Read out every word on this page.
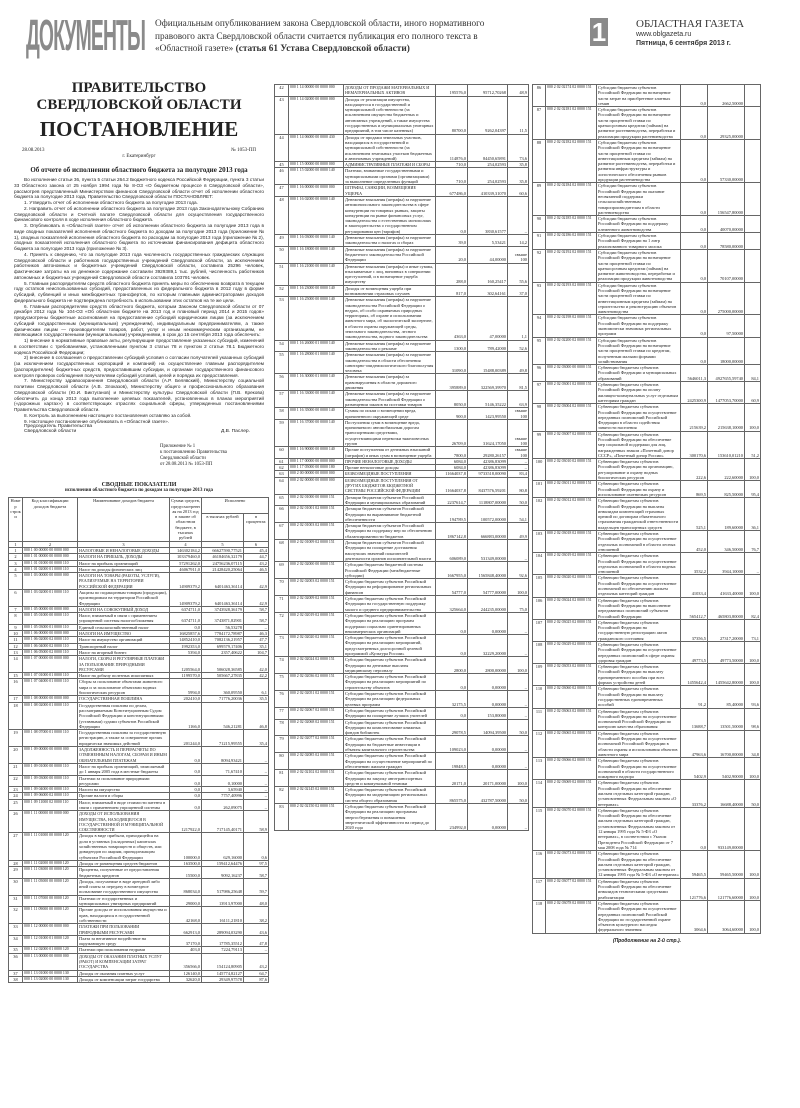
ДОКУМЕНТЫ Официальным опубликованием закона Свердловской области, иного нормативного правового акта Свердловской области считается публикация его полного текста в «Областной газете» (статья 61 Устава Свердловской области)
1	ОБЛАСТНАЯ ГАЗЕТА
www.oblgazeta.ru
Пятница, 6 сентября 2013 г.
ПРАВИТЕЛЬСТВО
СВЕРДЛОВСКОЙ ОБЛАСТИ
ПОСТАНОВЛЕНИЕ
28.08.2013	№ 1053-ПП
г. Екатеринбург
Об отчете об исполнении областного бюджета за полугодие 2013 года

Во исполнение статьи 36, пункта 5 статьи 264.2 Бюджетного кодекса Российской Федерации, пункта 3 статьи 33 Областного закона от 25 ноября 1994 года № 8-ОЗ «О бюджетном процессе в Свердловской области», рассмотрев представленный Министерством финансов Свердловской области отчет об исполнении областного бюджета за полугодие 2013 года, Правительство Свердловской области ПОСТАНОВЛЯЕТ:

1. Утвердить отчет об исполнении областного бюджета за полугодие 2013 года.

2. Направить отчет об исполнении областного бюджета за полугодие 2013 года Законодательному Собранию Свердловской области и Счетной палате Свердловской области для осуществления государственного финансового контроля в ходе исполнения областного бюджета.

3. Опубликовать в «Областной газете» отчет об исполнении областного бюджета за полугодие 2013 года в виде сводных показателей исполнения областного бюджета по доходам за полугодие 2013 года (приложение № 1), сводных показателей исполнения областного бюджета по расходам за полугодие 2013 года (приложение № 2), сводных показателей исполнения областного бюджета по источникам финансирования дефицита областного бюджета за полугодие 2013 года (приложение № 3).

4. Принять к сведению, что за полугодие 2013 года численность государственных гражданских служащих Свердловской области и работников государственных учреждений Свердловской области, за исключением работников автономных и бюджетных учреждений Свердловской области, составила 25296 человек, фактические затраты на их денежное содержание составили 3929389,1 тыс. рублей, численность работников автономных и бюджетных учреждений Свердловской области составила 103791 человек.

5. Главным распорядителям средств областного бюджета принять меры по обеспечению возврата в текущем году остатков неиспользованных субсидий, предоставленных из федерального бюджета в 2012 году в форме субсидий, субвенций и иных межбюджетных трансфертов, по которым главными администраторами доходов федерального бюджета не подтверждена потребность в использовании этих остатков на те же цели.

6. Главным распорядителям средств областного бюджета, которым Законом Свердловской области от 07 декабря 2012 года № 104-ОЗ «Об областном бюджете на 2013 год и плановый период 2014 и 2015 годов» предусмотрены бюджетные ассигнования на предоставление субсидий юридическим лицам (за исключением субсидий государственным (муниципальным) учреждениям), индивидуальным предпринимателям, а также физическим лицам — производителям товаров, работ, услуг и иным некоммерческим организациям, не являющимся государственными (муниципальными) учреждениями, в срок до 15 сентября 2013 года обеспечить:

1) внесение в нормативные правовые акты, регулирующие предоставление указанных субсидий, изменений в соответствии с требованиями, установленными пунктом 3 статьи 78 и пунктом 2 статьи 78.1 Бюджетного кодекса Российской Федерации;

2) внесение в соглашения о предоставлении субсидий условия о согласии получателей указанных субсидий (за исключением государственных корпораций и компаний) на осуществление главным распорядителем (распорядителем) бюджетных средств, предоставившим субсидии, и органами государственного финансового контроля проверок соблюдения получателями субсидий условий, целей и порядка их предоставления.

7. Министерству здравоохранения Свердловской области (А.Р. Белявский), Министерству социальной политики Свердловской области (А.В. Злоказов), Министерству общего и профессионального образования Свердловской области (Ю.И. Биктуганов) и Министерству культуры Свердловской области (П.В. Крекова) обеспечить до конца 2013 года выполнение целевых показателей, установленных в планах мероприятий («дорожных картах») в соответствующих отраслях социальной сферы, утвержденных постановлениями Правительства Свердловской области.

8. Контроль за выполнением настоящего постановления оставляю за собой.

9. Настоящее постановление опубликовать в «Областной газете».

Председатель Правительства
Свердловской области	Д.В. Паслер.
Приложение № 1
к постановлению Правительства
Свердловской области
от 28.08.2013 № 1053-ПП
СВОДНЫЕ ПОКАЗАТЕЛИ
исполнения областного бюджета по доходам за полугодие 2013 года
Номер строки	Код классификации доходов бюджета	Наименование доходов бюджета	Сумма средств, предусмотренная на 2013 год в законе об областном бюджете, в тысячах рублей	Исполнено	
				в тысячах рублей	в процентах
1	2	3	4	5	6
1	000 1 00 00000 00 0000 000	НАЛОГОВЫЕ И НЕНАЛОГОВЫЕ ДОХОДЫ	146302184,2	66627590,77521	45,4
2	000 1 01 00000 00 0000 000	НАЛОГИ НА ПРИБЫЛЬ, ДОХОДЫ	103379460,0	46184656,32179	44,7
3	000 1 01 01000 00 0000 110	Налог на прибыль организаций	57291262,0	24756236,07115	43,2
4	000 1 01 02000 01 0000 110	Налог на доходы физических лиц	46067911,0	21428420,25064	46,5
5	000 1 03 00000 00 0000 000	НАЛОГИ НА ТОВАРЫ (РАБОТЫ, УСЛУГИ), РЕАЛИЗУЕМЫЕ НА ТЕРРИТОРИИ РОССИЙСКОЙ ФЕДЕРАЦИИ	14909379,2	6401463,36114	42,9
6	000 1 03 02000 01 0000 110	Акцизы по подакцизным товарам (продукции), производимым на территории Российской Федерации	14909379,2	6401463,36114	42,9
7	000 1 05 00000 00 0000 000	НАЛОГИ НА СОВОКУПНЫЙ ДОХОД	6374711,0	3743928,36179	58,7
8	000 1 05 01000 00 0000 110	Налог, взимаемый в связи с применением упрощенной системы налогообложения	6374711,0	3743871,82901	58,7
9	000 1 05 03000 01 0000 110	Единый сельскохозяйственный налог	0,0	56,53278	–
10	000 1 06 00000 00 0000 000	НАЛОГИ НА ИМУЩЕСТВО	16825857,6	7784172,78987	46,3
11	000 1 06 02000 02 0000 110	Налог на имущество организаций	14852410,0	7082136,21957	47,7
12	000 1 06 04000 02 0000 110	Транспортный налог	1992353,0	699579,17406	35,1
13	000 1 06 05000 02 0000 110	Налог на игорный бизнес	5394,0	2357,40622	104,7
14	000 1 07 00000 00 0000 000	НАЛОГИ, СБОРЫ И РЕГУЛЯРНЫЕ ПЛАТЕЖИ ЗА ПОЛЬЗОВАНИЕ ПРИРОДНЫМИ РЕСУРСАМИ	1205564,0	506028,36585	42,0
15	000 1 07 01000 01 0000 110	Налог на добычу полезных ископаемых	1199570,0	505667,27835	42,2
16	000 1 07 04000 01 0000 110	Сборы за пользование объектами животного мира и за пользование объектами водных биологических ресурсов	5994,0	360,09550	6,1
17	000 1 08 00000 00 0000 000	ГОСУДАРСТВЕННАЯ ПОШЛИНА	202410,0	71776,20036	35,5
18	000 1 08 02000 01 0000 110	Государственная пошлина по делам, рассматриваемым Конституционным Судом Российской Федерации и конституционными (уставными) судами субъектов Российской Федерации	1166,0	546,21281	46,8
19	000 1 08 07000 01 0000 110	Государственная пошлина за государственную регистрацию, а также за совершение прочих юридически значимых действий	201244,0	71215,99555	35,4
20	000 1 09 00000 00 0000 000	ЗАДОЛЖЕННОСТЬ И ПЕРЕРАСЧЕТЫ ПО ОТМЕНЕННЫМ НАЛОГАМ, СБОРАМ И ИНЫМ ОБЯЗАТЕЛЬНЫМ ПЛАТЕЖАМ	0,0	8094,93421	–
21	000 1 09 01000 00 0000 110	Налог на прибыль организаций, зачисляемый до 1 января 2005 года в местные бюджеты	0,0	71,67410	–
22	000 1 09 03000 00 0000 110	Платежи за пользование природными ресурсами	0,0	0,10000	–
23	000 1 09 04000 00 0000 110	Налоги на имущество	0,0	3,65940	–
24	000 1 09 06000 02 0000 110	Прочие налоги и сборы	0,0	7757,40996	–
25	000 1 09 11000 02 0000 110	Налог, взимаемый в виде стоимости патента в связи с применением упрощенной системы	0,0	262,09075	–
26	000 1 11 00000 00 0000 000	ДОХОДЫ ОТ ИСПОЛЬЗОВАНИЯ ИМУЩЕСТВА, НАХОДЯЩЕГОСЯ В ГОСУДАРСТВЕННОЙ И МУНИЦИПАЛЬНОЙ СОБСТВЕННОСТИ	1217922,0	717145,40171	58,9
27	000 1 11 01000 00 0000 120	Доходы в виде прибыли, приходящейся на доли в уставных (складочных) капиталах хозяйственных товариществ и обществ, или дивидендов по акциям, принадлежащим субъектам Российской Федерации	100000,0	629,16000	0,6
28	000 1 11 02000 00 0000 120	Доходы от размещения средств бюджетов	163500,0	159412,64476	97,5
29	000 1 11 03000 00 0000 120	Проценты, полученные от предоставления бюджетных кредитов	15500,0	9092,16237	58,7
30	000 1 11 05000 00 0000 120	Доходы, получаемые в виде арендной либо иной платы за передачу в возмездное пользование государственного имущества	868034,0	517986,25648	59,7
31	000 1 11 07000 00 0000 120	Платежи от государственных и муниципальных унитарных предприятий	29000,0	13913,97000	48,0
32	000 1 11 09000 00 0000 120	Прочие доходы от использования имущества и прав, находящихся в государственной собственности	42168,0	16111,21810	38,2
33	000 1 12 00000 00 0000 000	ПЛАТЕЖИ ПРИ ПОЛЬЗОВАНИИ ПРИРОДНЫМИ РЕСУРСАМИ	662913,0	289094,03290	43,6
34	000 1 12 01000 01 0000 120	Плата за негативное воздействие на окружающую среду	37170,0	17785,35512	47,8
35	000 1 12 02000 01 0000 120	Платежи при пользовании недрами	403,0	7224,79113	–
36	000 1 13 00000 00 0000 000	ДОХОДЫ ОТ ОКАЗАНИЯ ПЛАТНЫХ УСЛУГ (РАБОТ) И КОМПЕНСАЦИИ ЗАТРАТ ГОСУДАРСТВА	356566,0	154124,80905	43,2
37	000 1 13 01000 00 0000 130	Доходы от оказания платных услуг	126140,0	145774,82127	64,7
38	000 1 13 02000 00 0000 130	Доходы от компенсации затрат государства	32620,0	29349,97578	87,6
42	000 1 14 00000 00 0000 000	ДОХОДЫ ОТ ПРОДАЖИ МАТЕРИАЛЬНЫХ И НЕМАТЕРИАЛЬНЫХ АКТИВОВ	195576,0	95712,70268	48,9
43	000 1 14 02000 00 0000 000	Доходы от реализации имущества, находящегося в государственной и муниципальной собственности (за исключением имущества бюджетных и автономных учреждений, а также имущества государственных и муниципальных унитарных предприятий, в том числе казенных)	80700,0	9262,04397	11,5
44	000 1 14 06000 00 0000 430	Доходы от продажи земельных участков, находящихся в государственной и муниципальной собственности (за исключением земельных участков бюджетных и автономных учреждений)	114876,0	84450,65891	73,6
45	000 1 15 00000 00 0000 000	АДМИНИСТРАТИВНЫЕ ПЛАТЕЖИ И СБОРЫ	710,0	254,02593	35,8
46	000 1 15 02000 00 0000 140	Платежи, взимаемые государственными и муниципальными органами (организациями) за выполнение определенных функций	710,0	254,02593	35,8
47	000 1 16 00000 00 0000 000	ШТРАФЫ, САНКЦИИ, ВОЗМЕЩЕНИЕ УЩЕРБА	677486,0	410339,31070	60,6
48	000 1 16 02000 00 0000 140	Денежные взыскания (штрафы) за нарушение антимонопольного законодательства в сфере конкуренции на товарных рынках, защиты конкуренции на рынке финансовых услуг, законодательства о естественных монополиях и законодательства о государственном регулировании цен (тарифов)	0,0	3830,61577	–
49	000 1 16 03000 00 0000 140	Денежные взыскания (штрафы) за нарушение законодательства о налогах и сборах	39,0	5,53421	14,2
50	000 1 16 18000 00 0000 140	Денежные взыскания (штрафы) за нарушение бюджетного законодательства Российской Федерации	20,0	44,00000	свыше 100
51	000 1 16 21000 00 0000 140	Денежные взыскания (штрафы) и иные суммы, взыскиваемые с лиц, виновных в совершении преступлений, и в возмещение ущерба имуществу	288,0	160,25417	55,6
52	000 1 16 23000 00 0000 140	Доходы от возмещения ущерба при возникновении страховых случаев	817,0	302,64161	37,0
53	000 1 16 25000 00 0000 140	Денежные взыскания (штрафы) за нарушение законодательства Российской Федерации о недрах, об особо охраняемых природных территориях, об охране и использовании животного мира, об экологической экспертизе, в области охраны окружающей среды, земельного законодательства, лесного законодательства, водного законодательства	4363,0	47,00000	1,1
54	000 1 16 26000 01 0000 140	Денежные взыскания (штрафы) за нарушение законодательства о рекламе	1300,0	789,42000	52,6
55	000 1 16 28000 01 0000 140	Денежные взыскания (штрафы) за нарушение законодательства в области обеспечения санитарно-эпидемиологического благополучия человека	31090,0	15488,00389	49,8
56	000 1 16 30000 01 0000 140	Денежные взыскания (штрафы) за правонарушения в области дорожного движения	395889,0	322569,39970	81,5
57	000 1 16 33000 00 0000 140	Денежные взыскания (штрафы) за нарушение законодательства Российской Федерации о размещении заказов на поставки товаров	8050,0	5146,35222	63,9
58	000 1 16 35000 00 0000 140	Суммы по искам о возмещении вреда, причиненного окружающей среде	900,0	1423,99550	свыше 100
59	000 1 16 37000 00 0000 140	Поступления сумм в возмещение вреда, причиняемого автомобильным дорогам транспортными средствами, осуществляющими перевозки тяжеловесных грузов	26709,0	31624,17050	свыше 100
60	000 1 16 90000 00 0000 140	Прочие поступления от денежных взысканий (штрафов) и иных сумм в возмещение ущерба	7800,0	29280,26157	свыше 100
61	000 1 17 00000 00 0000 000	ПРОЧИЕ НЕНАЛОГОВЫЕ ДОХОДЫ	6084,0	42386,83099	–
62	000 1 17 05000 00 0000 180	Прочие неналоговые доходы	6084,0	42386,83099	–
63	000 2 00 00000 00 0000 000	БЕЗВОЗМЕЗДНЫЕ ПОСТУПЛЕНИЯ	11664037,8	9733518,00090	83,4
64	000 2 02 00000 00 0000 000	БЕЗВОЗМЕЗДНЫЕ ПОСТУПЛЕНИЯ ОТ ДРУГИХ БЮДЖЕТОВ БЮДЖЕТНОЙ СИСТЕМЫ РОССИЙСКОЙ ФЕДЕРАЦИИ	11664037,8	8437576,59201	80,8
65	000 2 02 01000 00 0000 151	Дотации бюджетам субъектов Российской Федерации и муниципальных образований	2237614,7	1118807,00000	50,0
66	000 2 02 01001 02 0000 151	Дотации бюджетам субъектов Российской Федерации на выравнивание бюджетной обеспеченности	194789,5	100572,00000	54,1
67	000 2 02 01003 02 0000 151	Дотации бюджетам субъектов Российской Федерации на поддержку мер по обеспечению сбалансированности бюджетов	1867142,8	666883,00000	49,9
68	000 2 02 01009 02 0000 151	Дотации бюджетам субъектов Российской Федерации на поощрение достижения наилучших значений показателей деятельности органов исполнительной власти	606089,0	531349,00000	–
69	000 2 02 02000 00 0000 151	Субсидии бюджетам бюджетной системы Российской Федерации (межбюджетные субсидии)	1667955,0	1565848,40000	92,6
70	000 2 02 02003 02 0000 151	Субсидии бюджетам субъектов Российской Федерации на реформирование региональных финансов	54777,0	54777,00000	100,0
71	000 2 02 02009 02 0000 151	Субсидии бюджетам субъектов Российской Федерации на государственную поддержку малого и среднего предпринимательства	325664,0	244235,00000	75,0
72	000 2 02 02019 02 0000 151	Субсидии бюджетам субъектов Российской Федерации на реализацию программ поддержки социально ориентированных некоммерческих организаций	0,0	0,00000	–
73	000 2 02 02020 02 0000 151	Субсидии бюджетам субъектов Российской Федерации на реализацию мероприятий, предусмотренных долгосрочной целевой программой «Культура России»	0,0	32229,20000	–
74	000 2 02 02024 02 0000 151	Субсидии бюджетам субъектов Российской Федерации на денежные выплаты медицинскому персоналу	2800,0	2800,00000	100,0
75	000 2 02 02036 02 0000 151	Субсидии бюджетам субъектов Российской Федерации на реализацию мероприятий по строительству объектов	0,0	0,00000	–
76	000 2 02 02051 02 0000 151	Субсидии бюджетам субъектов Российской Федерации на реализацию федеральных целевых программ	32175,5	0,00000	–
77	000 2 02 02067 02 0000 151	Субсидии бюджетам субъектов Российской Федерации на поощрение лучших учителей	0,0	153,80000	–
78	000 2 02 02068 02 0000 151	Субсидии бюджетам субъектов Российской Федерации на комплектование книжных фондов библиотек	29078,5	14094,39500	50,0
79	000 2 02 02077 02 0000 151	Субсидии бюджетам субъектов Российской Федерации на бюджетные инвестиции в объекты капитального строительства	109023,0	0,00000	–
80	000 2 02 02085 02 0000 151	Субсидии бюджетам субъектов Российской Федерации на осуществление мероприятий по обеспечению жильем граждан	19848,5	0,00000	–
81	000 2 02 02102 02 0000 151	Субсидии бюджетам субъектов Российской Федерации на закупку автотранспортных средств и коммунальной техники	20171,0	20171,00000	100,0
82	000 2 02 02145 02 0000 151	Субсидии бюджетам субъектов Российской Федерации на модернизацию региональных систем общего образования	865575,0	432787,50000	50,0
83	000 2 02 02150 02 0000 151	Субсидии бюджетам субъектов Российской Федерации на реализацию программы энергосбережения и повышения энергетической эффективности на период до 2020 года	234992,0	0,00000	–
86	000 2 02 02174 02 0000 151	Субсидии бюджетам субъектов Российской Федерации на возмещение части затрат на приобретение элитных семян	0,0	2662,50000	
87	000 2 02 02181 02 0000 151	Субсидии бюджетам субъектов Российской Федерации на возмещение части процентной ставки по краткосрочным кредитам (займам) на развитие растениеводства, переработки и реализации продукции растениеводства	0,0	29325,00000	
88	000 2 02 02182 02 0000 151	Субсидии бюджетам субъектов Российской Федерации на возмещение части процентной ставки по инвестиционным кредитам (займам) на развитие растениеводства, переработки и развития инфраструктуры и логистического обеспечения рынков продукции растениеводства	0,0	57330,00000	
89	000 2 02 02184 02 0000 151	Субсидии бюджетам субъектов Российской Федерации на оказание несвязанной поддержки сельскохозяйственным товаропроизводителям в области растениеводства	0,0	156547,80000	
90	000 2 02 02185 02 0000 151	Субсидии бюджетам субъектов Российской Федерации на поддержку племенного животноводства	0,0	40070,00000	
91	000 2 02 02186 02 0000 151	Субсидии бюджетам субъектов Российской Федерации на 1 литр реализованного товарного молока	0,0	78580,00000	
92	000 2 02 02192 02 0000 151	Субсидии бюджетам субъектов Российской Федерации на возмещение части процентной ставки по краткосрочным кредитам (займам) на развитие животноводства, переработки и реализации продукции животноводства	0,0	70107,00000	
93	000 2 02 02193 02 0000 151	Субсидии бюджетам субъектов Российской Федерации на возмещение части процентной ставки по инвестиционным кредитам (займам) на строительство и реконструкцию объектов животноводства	0,0	275000,00000	
94	000 2 02 02198 02 0000 151	Субсидии бюджетам субъектов Российской Федерации на поддержку экономически значимых региональных программ	0,0	97,50000	
95	000 2 02 02200 02 0000 151	Субсидии бюджетам субъектов Российской Федерации на возмещение части процентной ставки по кредитам, полученным малыми формами хозяйствования	0,0	18000,00000	
96	000 2 02 03000 00 0000 151	Субвенции бюджетам субъектов Российской Федерации и муниципальных образований	5646011,3	4927655,59740	84,1
97	000 2 02 03001 02 0000 151	Субвенции бюджетам субъектов Российской Федерации на оплату жилищно-коммунальных услуг отдельным категориям граждан	2425300,9	1477053,70000	60,9
98	000 2 02 03004 02 0000 151	Субвенции бюджетам субъектов Российской Федерации на осуществление переданных полномочий Российской Федерации в области содействия занятости населения	215639,2	215638,10000	100,0
99	000 2 02 03007 02 0000 151	Субвенции бюджетам субъектов Российской Федерации на обеспечение мер социальной поддержки для лиц, награжденных знаком «Почетный донор СССР», «Почетный донор России»	300170,6	153610,01210	51,2
100	000 2 02 03010 02 0000 151	Субвенции бюджетам субъектов Российской Федерации на организацию, регулирование и охрану водных биологических ресурсов	222,6	222,60000	100,0
101	000 2 02 03011 02 0000 151	Субвенции бюджетам субъектов Российской Федерации на охрану и использование охотничьих ресурсов	869,5	825,50000	95,4
102	000 2 02 03012 02 0000 151	Субвенции бюджетам субъектов Российской Федерации на выплаты инвалидам компенсаций страховых премий по договорам обязательного страхования гражданской ответственности владельцев транспортных средств	525,1	189,60000	36,1
103	000 2 02 03018 02 0000 151	Субвенции бюджетам субъектов Российской Федерации на осуществление отдельных полномочий в области лесных отношений	452,0	346,50000	76,7
104	000 2 02 03019 02 0000 151	Субвенции бюджетам субъектов Российской Федерации на осуществление отдельных полномочий в области водных отношений	3532,2	3944,10000	–
105	000 2 02 03020 02 0000 151	Субвенции бюджетам субъектов Российской Федерации на осуществление полномочий по обеспечению жильем отдельных категорий граждан	41033,4	41633,40000	100,0
106	000 2 02 03024 02 0000 151	Субвенции бюджетам субъектов Российской Федерации на выполнение передаваемых полномочий субъектов Российской Федерации	565412,7	465803,80000	82,4
107	000 2 02 03025 02 0000 151	Субвенции бюджетам субъектов Российской Федерации на государственную регистрацию актов гражданского состояния	37356,5	27317,20000	73,1
108	000 2 02 03029 02 0000 151	Субвенции бюджетам субъектов Российской Федерации на осуществление переданных полномочий в сфере охраны здоровья граждан	49773,5	49773,50000	100,0
109	000 2 02 03053 02 0000 151	Субвенции бюджетам субъектов Российской Федерации на выплату единовременного пособия при всех формах устройства детей	1455642,4	1455642,80000	100,0
110	000 2 02 03060 02 0000 151	Субвенции бюджетам субъектов Российской Федерации на выплату государственных единовременных пособий	91,2	85,40000	93,6
111	000 2 02 03063 02 0000 151	Субвенции бюджетам субъектов Российской Федерации на осуществление полномочий Российской Федерации по контролю качества образования	13688,7	13501,50000	98,6
112	000 2 02 03065 02 0000 151	Субвенции бюджетам субъектов Российской Федерации на осуществление полномочий Российской Федерации в области охраны и использования объектов животного мира	47963,6	16700,00000	34,8
113	000 2 02 03066 02 0000 151	Субвенции бюджетам субъектов Российской Федерации на осуществление полномочий в области государственного пожарного надзора	5402,9	5402,90000	100,0
114	000 2 02 03069 02 0000 151	Субвенции бюджетам субъектов Российской Федерации на обеспечение жильем отдельных категорий граждан, установленных Федеральным законом «О ветеранах»	33376,2	16688,40000	50,0
115	000 2 02 03070 02 0000 151	Субвенции бюджетам субъектов Российской Федерации на обеспечение жильем отдельных категорий граждан, установленных Федеральным законом от 12 января 1995 года № 5-ФЗ «О ветеранах», в соответствии с Указом Президента Российской Федерации от 7 мая 2008 года № 714	0,0	933149,00000	
116	000 2 02 03073 02 0000 151	Субвенции бюджетам субъектов Российской Федерации на обеспечение жильем отдельных категорий граждан, установленных Федеральным законом от 12 января 1995 года № 5-ФЗ «О ветеранах»	59465,5	59465,50000	100,0
117	000 2 02 03077 02 0000 151	Субвенции бюджетам субъектов Российской Федерации на обеспечение инвалидов техническими средствами реабилитации	121776,6	121776,60000	100,0
118	000 2 02 03078 02 0000 151	Субвенции бюджетам субъектов Российской Федерации на осуществление переданных полномочий Российской Федерации по государственной охране объектов культурного наследия федерального значения	3064,6	3064,60000	100,0
(Продолжение на 2-й стр.).
